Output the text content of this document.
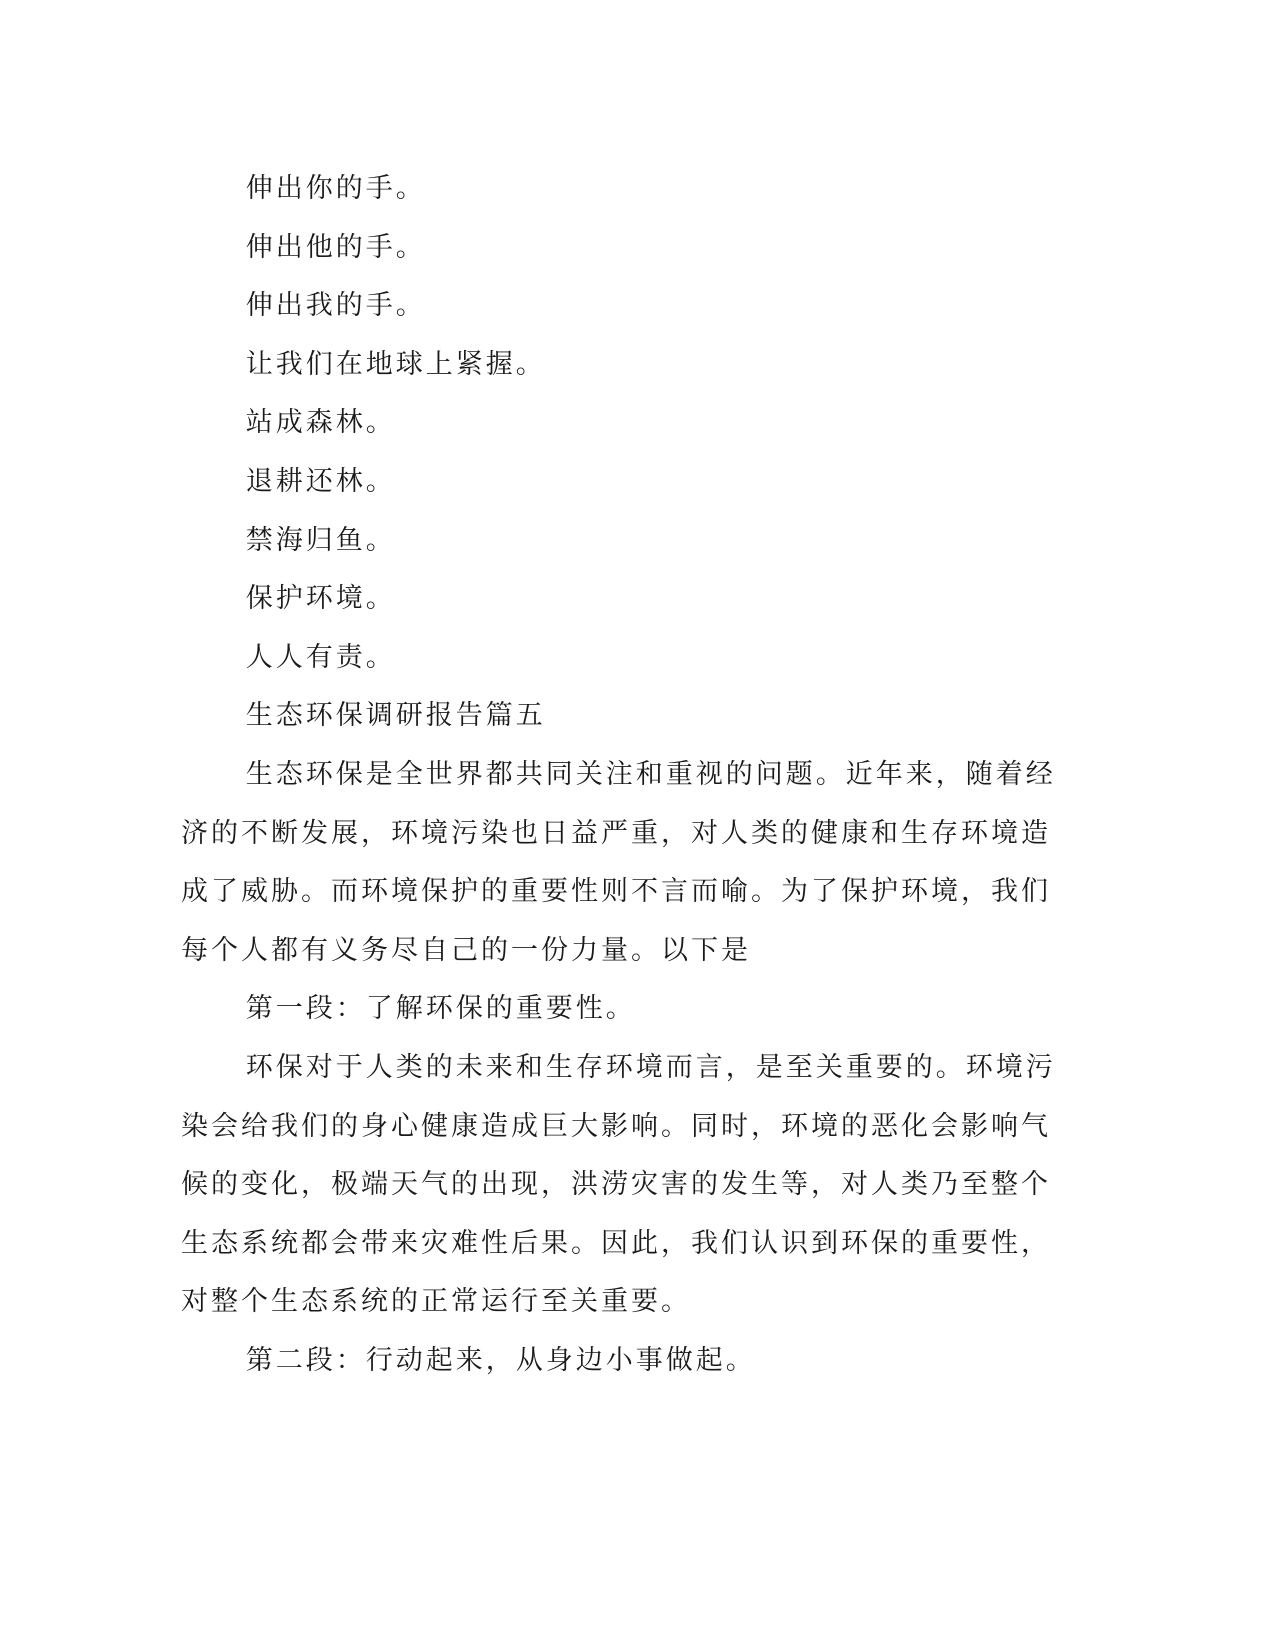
伸出你的手。

伸出他的手。

伸出我的手。

让我们在地球上紧握。

站成森林。

退耕还林。

禁海归鱼。

保护环境。

人人有责。

生态环保调研报告篇五

生态环保是全世界都共同关注和重视的问题。近年来，随着经济的不断发展，环境污染也日益严重，对人类的健康和生存环境造成了威胁。而环境保护的重要性则不言而喻。为了保护环境，我们每个人都有义务尽自己的一份力量。以下是

第一段：了解环保的重要性。

环保对于人类的未来和生存环境而言，是至关重要的。环境污染会给我们的身心健康造成巨大影响。同时，环境的恶化会影响气候的变化，极端天气的出现，洪涝灾害的发生等，对人类乃至整个生态系统都会带来灾难性后果。因此，我们认识到环保的重要性，对整个生态系统的正常运行至关重要。

第二段：行动起来，从身边小事做起。
